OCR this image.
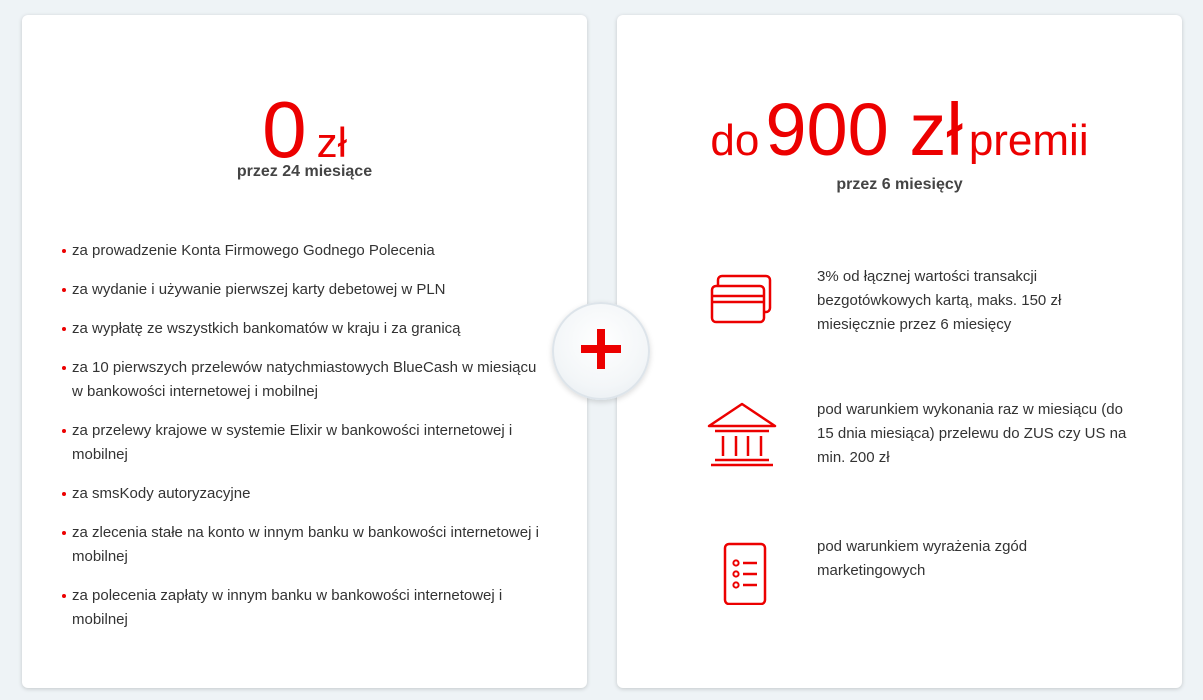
0 zł
przez 24 miesiące
za prowadzenie Konta Firmowego Godnego Polecenia
za wydanie i używanie pierwszej karty debetowej w PLN
za wypłatę ze wszystkich bankomatów w kraju i za granicą
za 10 pierwszych przelewów natychmiastowych BlueCash w miesiącu w bankowości internetowej i mobilnej
za przelewy krajowe w systemie Elixir w bankowości internetowej i mobilnej
za smsKody autoryzacyjne
za zlecenia stałe na konto w innym banku w bankowości internetowej i mobilnej
za polecenia zapłaty w innym banku w bankowości internetowej i mobilnej
do900 zł premii
przez 6 miesięcy
3% od łącznej wartości transakcji bezgotówkowych kartą, maks. 150 zł miesięcznie przez 6 miesięcy
pod warunkiem wykonania raz w miesiącu (do 15 dnia miesiąca) przelewu do ZUS czy US na min. 200 zł
pod warunkiem wyrażenia zgód marketingowych
